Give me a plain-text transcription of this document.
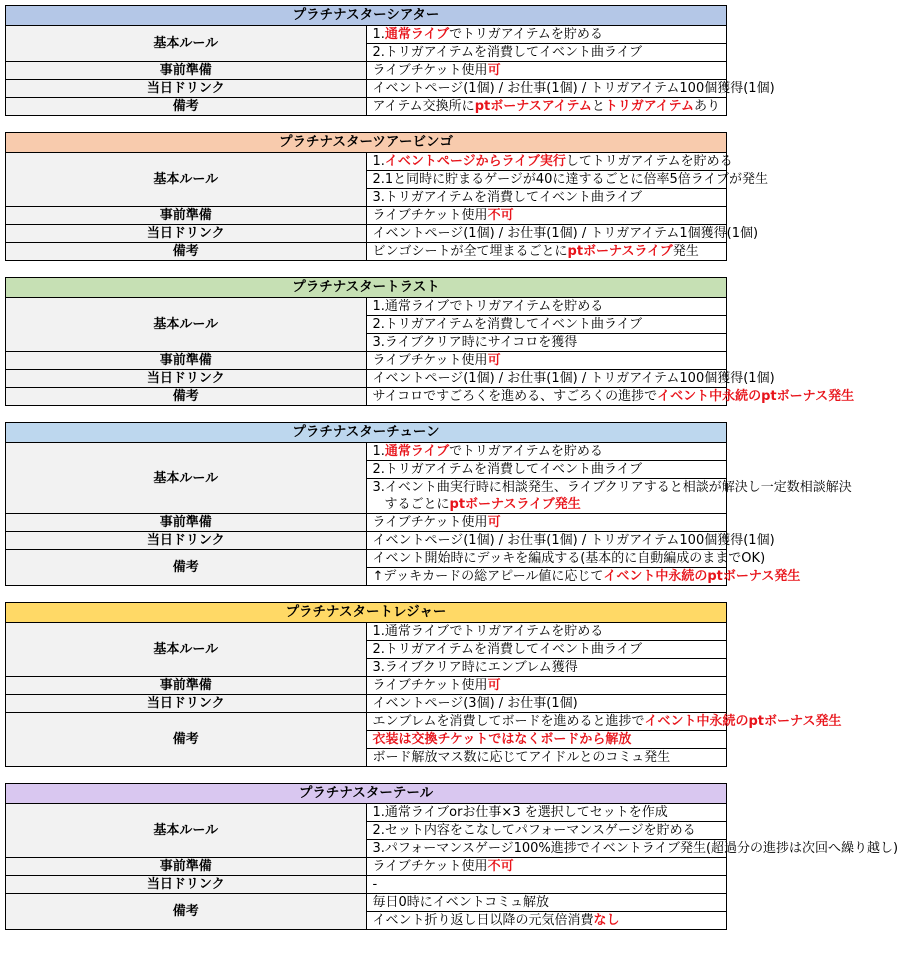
プラチナスターシアター	
基本ルール	1.通常ライブでトリガアイテムを貯める
	2.トリガアイテムを消費してイベント曲ライブ
事前準備	ライブチケット使用可
当日ドリンク	イベントページ(1個) / お仕事(1個) / トリガアイテム100個獲得(1個)
備考	アイテム交換所にptボーナスアイテムとトリガアイテムあり
プラチナスターツアービンゴ	
基本ルール	1.イベントページからライブ実行してトリガアイテムを貯める
	2.1と同時に貯まるゲージが40に達するごとに倍率5倍ライブが発生
	3.トリガアイテムを消費してイベント曲ライブ
事前準備	ライブチケット使用不可
当日ドリンク	イベントページ(1個) / お仕事(1個) / トリガアイテム1個獲得(1個)
備考	ビンゴシートが全て埋まるごとにptボーナスライブ発生
プラチナスタートラスト	
基本ルール	1.通常ライブでトリガアイテムを貯める
	2.トリガアイテムを消費してイベント曲ライブ
	3.ライブクリア時にサイコロを獲得
事前準備	ライブチケット使用可
当日ドリンク	イベントページ(1個) / お仕事(1個) / トリガアイテム100個獲得(1個)
備考	サイコロですごろくを進める、すごろくの進捗でイベント中永続のptボーナス発生
プラチナスターチューン	
基本ルール	1.通常ライブでトリガアイテムを貯める
	2.トリガアイテムを消費してイベント曲ライブ
	3.イベント曲実行時に相談発生、ライブクリアすると相談が解決し一定数相談解決
	するごとにptボーナスライブ発生
事前準備	ライブチケット使用可
当日ドリンク	イベントページ(1個) / お仕事(1個) / トリガアイテム100個獲得(1個)
備考	イベント開始時にデッキを編成する(基本的に自動編成のままでOK)
	↑デッキカードの総アピール値に応じてイベント中永続のptボーナス発生
プラチナスタートレジャー	
基本ルール	1.通常ライブでトリガアイテムを貯める
	2.トリガアイテムを消費してイベント曲ライブ
	3.ライブクリア時にエンブレム獲得
事前準備	ライブチケット使用可
当日ドリンク	イベントページ(3個) / お仕事(1個)
備考	エンブレムを消費してボードを進めると進捗でイベント中永続のptボーナス発生
	衣装は交換チケットではなくボードから解放
	ボード解放マス数に応じてアイドルとのコミュ発生
プラチナスターテール	
基本ルール	1.通常ライブorお仕事×3 を選択してセットを作成
	2.セット内容をこなしてパフォーマンスゲージを貯める
	3.パフォーマンスゲージ100%進捗でイベントライブ発生(超過分の進捗は次回へ繰り越し)
事前準備	ライブチケット使用不可
当日ドリンク	-
備考	毎日0時にイベントコミュ解放
	イベント折り返し日以降の元気倍消費なし
